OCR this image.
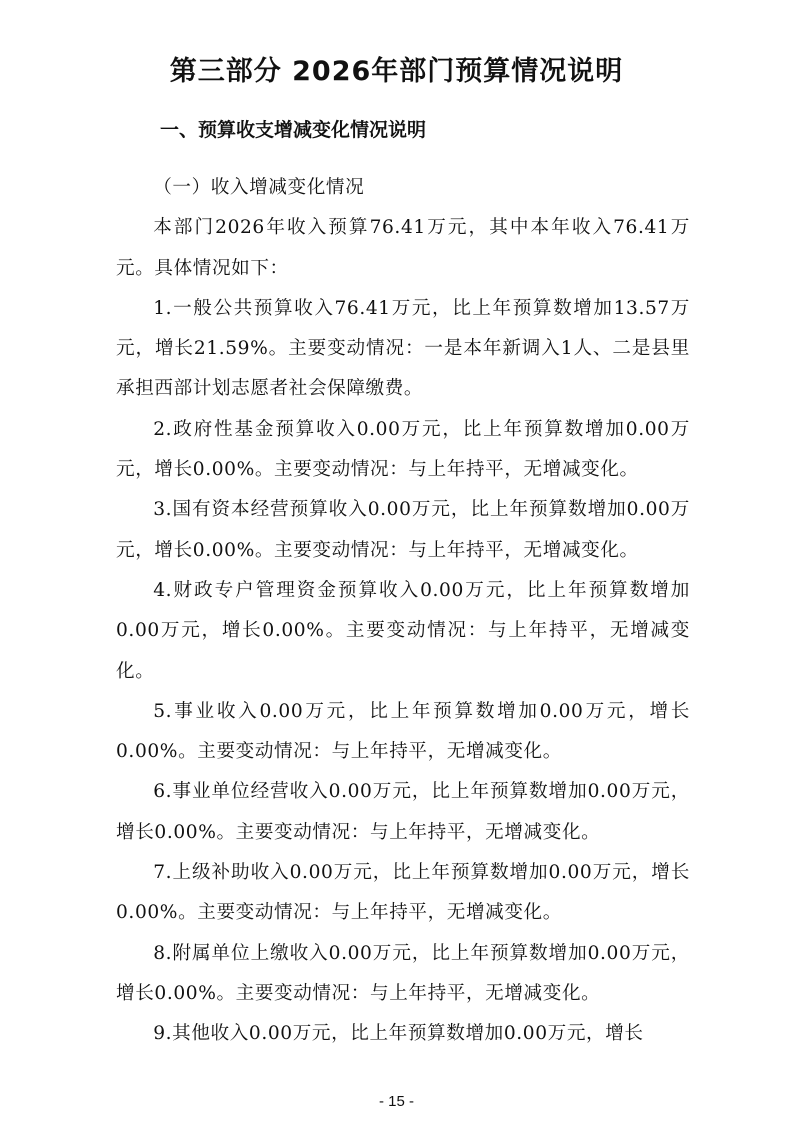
第三部分 2026年部门预算情况说明
一、预算收支增减变化情况说明

（一）收入增减变化情况

本部门2026年收入预算76.41万元，其中本年收入76.41万元。具体情况如下：

1.一般公共预算收入76.41万元，比上年预算数增加13.57万元，增长21.59%。主要变动情况：一是本年新调入1人、二是县里承担西部计划志愿者社会保障缴费。

2.政府性基金预算收入0.00万元，比上年预算数增加0.00万元，增长0.00%。主要变动情况：与上年持平，无增减变化。

3.国有资本经营预算收入0.00万元，比上年预算数增加0.00万元，增长0.00%。主要变动情况：与上年持平，无增减变化。

4.财政专户管理资金预算收入0.00万元，比上年预算数增加0.00万元，增长0.00%。主要变动情况：与上年持平，无增减变化。

5.事业收入0.00万元，比上年预算数增加0.00万元，增长0.00%。主要变动情况：与上年持平，无增减变化。

6.事业单位经营收入0.00万元，比上年预算数增加0.00万元，增长0.00%。主要变动情况：与上年持平，无增减变化。

7.上级补助收入0.00万元，比上年预算数增加0.00万元，增长0.00%。主要变动情况：与上年持平，无增减变化。

8.附属单位上缴收入0.00万元，比上年预算数增加0.00万元，增长0.00%。主要变动情况：与上年持平，无增减变化。

9.其他收入0.00万元，比上年预算数增加0.00万元，增长

- 15 -
